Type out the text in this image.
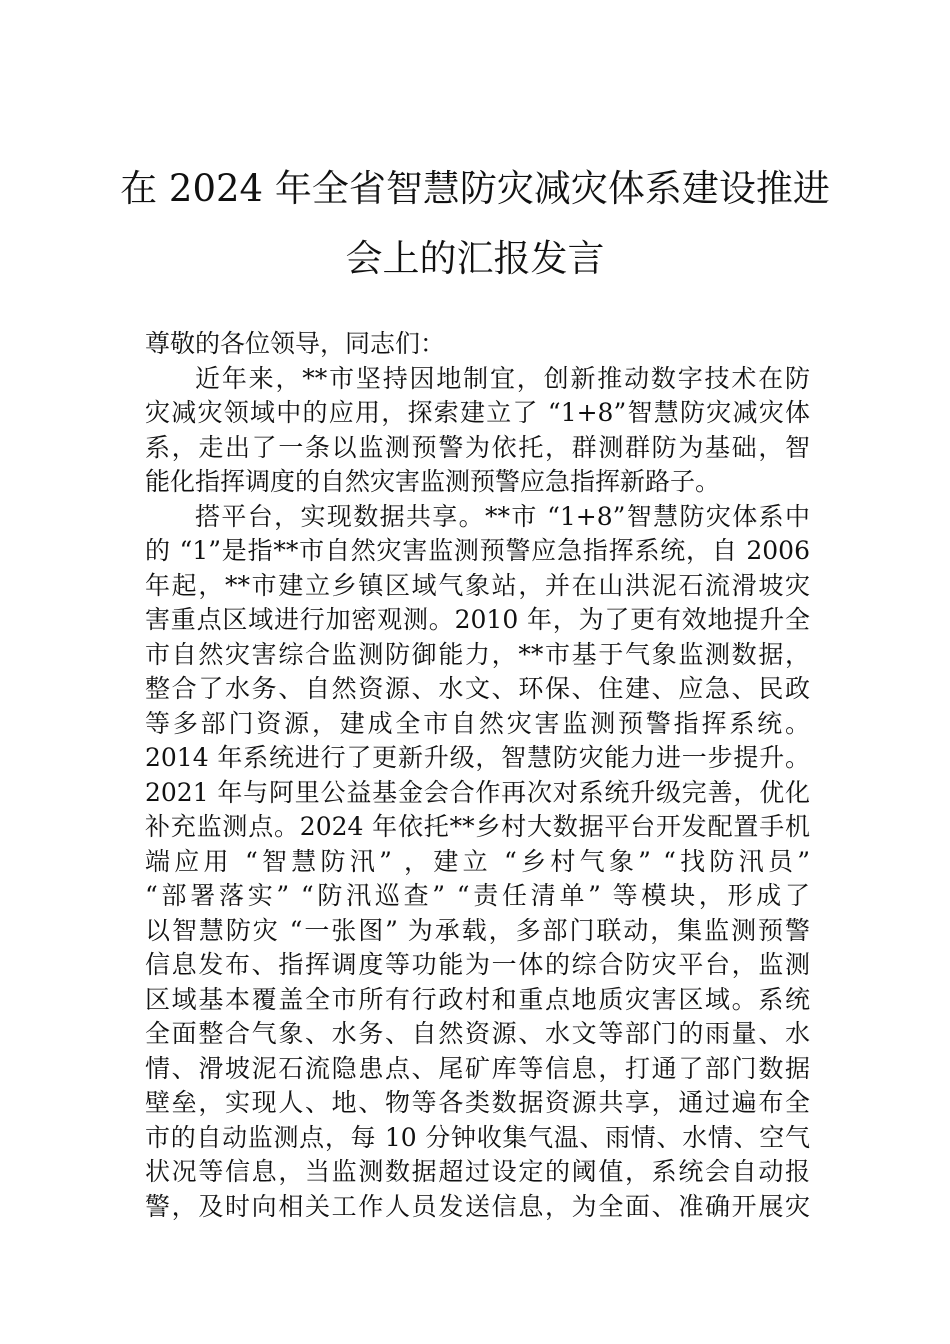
在 2024 年全省智慧防灾减灾体系建设推进
会上的汇报发言
尊敬的各位领导，同志们：
近年来，**市坚持因地制宜，创新推动数字技术在防
灾减灾领域中的应用，探索建立了 “1+8”智慧防灾减灾体
系，走出了一条以监测预警为依托，群测群防为基础，智
能化指挥调度的自然灾害监测预警应急指挥新路子。
搭平台，实现数据共享。**市 “1+8”智慧防灾体系中
的 “1”是指**市自然灾害监测预警应急指挥系统，自 2006
年起，**市建立乡镇区域气象站，并在山洪泥石流滑坡灾
害重点区域进行加密观测。2010 年，为了更有效地提升全
市自然灾害综合监测防御能力，**市基于气象监测数据，
整合了水务、自然资源、水文、环保、住建、应急、民政
等多部门资源，建成全市自然灾害监测预警指挥系统。
2014 年系统进行了更新升级，智慧防灾能力进一步提升。
2021 年与阿里公益基金会合作再次对系统升级完善，优化
补充监测点。2024 年依托**乡村大数据平台开发配置手机
端应用 “智慧防汛” ，建立 “乡村气象” “找防汛员”
“部署落实” “防汛巡查” “责任清单” 等模块，形成了
以智慧防灾 “一张图” 为承载，多部门联动，集监测预警
信息发布、指挥调度等功能为一体的综合防灾平台，监测
区域基本覆盖全市所有行政村和重点地质灾害区域。系统
全面整合气象、水务、自然资源、水文等部门的雨量、水
情、滑坡泥石流隐患点、尾矿库等信息，打通了部门数据
壁垒，实现人、地、物等各类数据资源共享，通过遍布全
市的自动监测点，每 10 分钟收集气温、雨情、水情、空气
状况等信息，当监测数据超过设定的阈值，系统会自动报
警，及时向相关工作人员发送信息，为全面、准确开展灾
